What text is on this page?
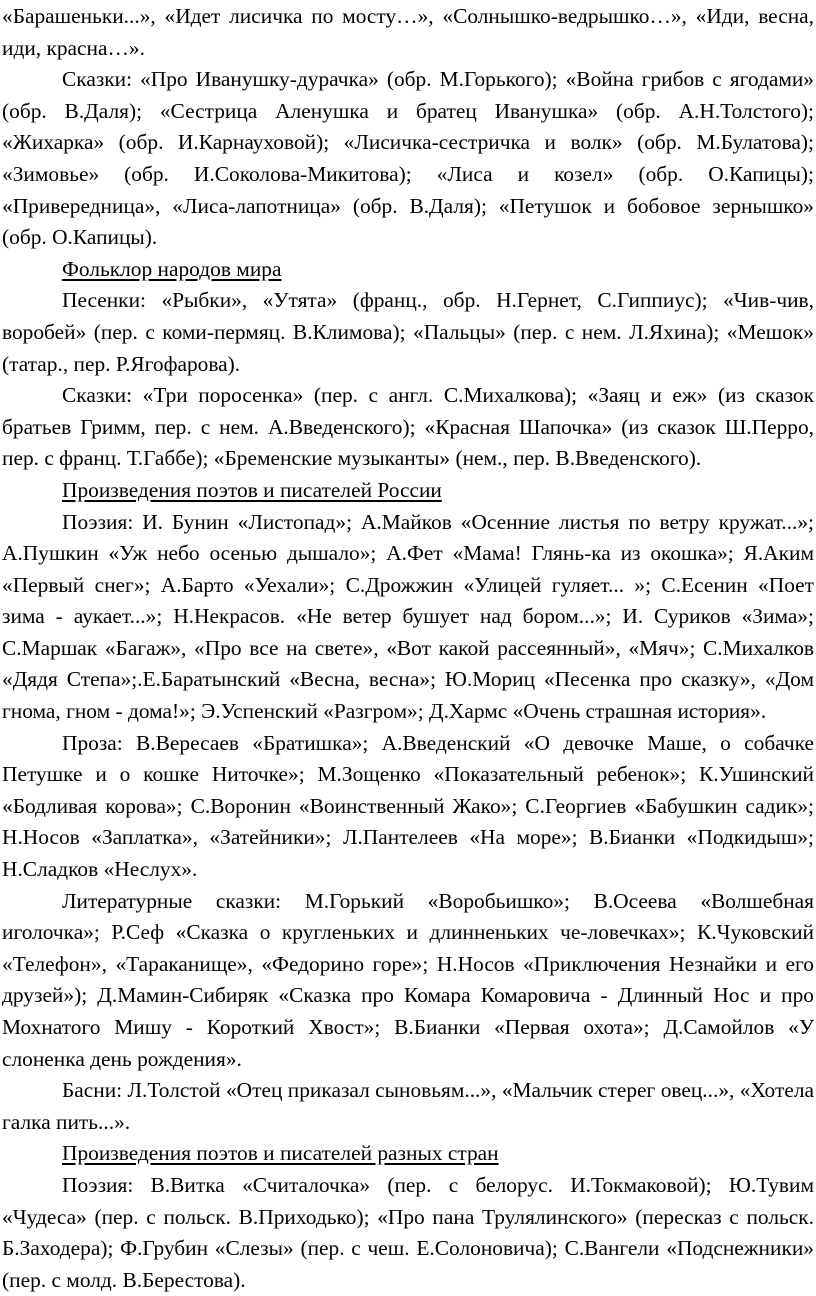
«Барашеньки...», «Идет лисичка по мосту…», «Солнышко-ведрышко…», «Иди, весна, иди, красна…».

Сказки: «Про Иванушку-дурачка» (обр. М.Горького); «Война грибов с ягодами» (обр. В.Даля); «Сестрица Аленушка и братец Иванушка» (обр. А.Н.Толстого); «Жихарка» (обр. И.Карнауховой); «Лисичка-сестричка и волк» (обр. М.Булатова); «Зимовье» (обр. И.Соколова-Микитова); «Лиса и козел» (обр. О.Капицы); «Привередница», «Лиса-лапотница» (обр. В.Даля); «Петушок и бобовое зернышко» (обр. О.Капицы).

Фольклор народов мира

Песенки: «Рыбки», «Утята» (франц., обр. Н.Гернет, С.Гиппиус); «Чив-чив, воробей» (пер. с коми-пермяц. В.Климова); «Пальцы» (пер. с нем. Л.Яхина); «Мешок» (татар., пер. Р.Ягофарова).

Сказки: «Три поросенка» (пер. с англ. С.Михалкова); «Заяц и еж» (из сказок братьев Гримм, пер. с нем. А.Введенского); «Красная Шапочка» (из сказок Ш.Перро, пер. с франц. Т.Габбе); «Бременские музыканты» (нем., пер. В.Введенского).

Произведения поэтов и писателей России

Поэзия: И. Бунин «Листопад»; А.Майков «Осенние листья по ветру кружат...»; А.Пушкин «Уж небо осенью дышало»; А.Фет «Мама! Глянь-ка из окошка»; Я.Аким «Первый снег»; А.Барто «Уехали»; С.Дрожжин «Улицей гуляет... »; С.Есенин «Поет зима - аукает...»; Н.Некрасов. «Не ветер бушует над бором...»; И. Суриков «Зима»; С.Маршак «Багаж», «Про все на свете», «Вот какой рассеянный», «Мяч»; С.Михалков «Дядя Степа»;.Е.Баратынский «Весна, весна»; Ю.Мориц «Песенка про сказку», «Дом гнома, гном - дома!»; Э.Успенский «Разгром»; Д.Хармс «Очень страшная история».

Проза: В.Вересаев «Братишка»; А.Введенский «О девочке Маше, о собачке Петушке и о кошке Ниточке»; М.Зощенко «Показательный ребенок»; К.Ушинский «Бодливая корова»; С.Воронин «Воинственный Жако»; С.Георгиев «Бабушкин садик»; Н.Носов «Заплатка», «Затейники»; Л.Пантелеев «На море»; В.Бианки «Подкидыш»; Н.Сладков «Неслух».

Литературные сказки: М.Горький «Воробьишко»; В.Осеева «Волшебная иголочка»; Р.Сеф «Сказка о кругленьких и длинненьких че-ловечках»; К.Чуковский «Телефон», «Тараканище», «Федорино горе»; Н.Носов «Приключения Незнайки и его друзей»); Д.Мамин-Сибиряк «Сказка про Комара Комаровича - Длинный Нос и про Мохнатого Мишу - Короткий Хвост»; В.Бианки «Первая охота»; Д.Самойлов «У слоненка день рождения».

Басни: Л.Толстой «Отец приказал сыновьям...», «Мальчик стерег овец...», «Хотела галка пить...».

Произведения поэтов и писателей разных стран

Поэзия: В.Витка «Считалочка» (пер. с белорус. И.Токмаковой); Ю.Тувим «Чудеса» (пер. с польск. В.Приходько); «Про пана Трулялинского» (пересказ с польск. Б.Заходера); Ф.Грубин «Слезы» (пер. с чеш. Е.Солоновича); С.Вангели «Подснежники» (пер. с молд. В.Берестова).
